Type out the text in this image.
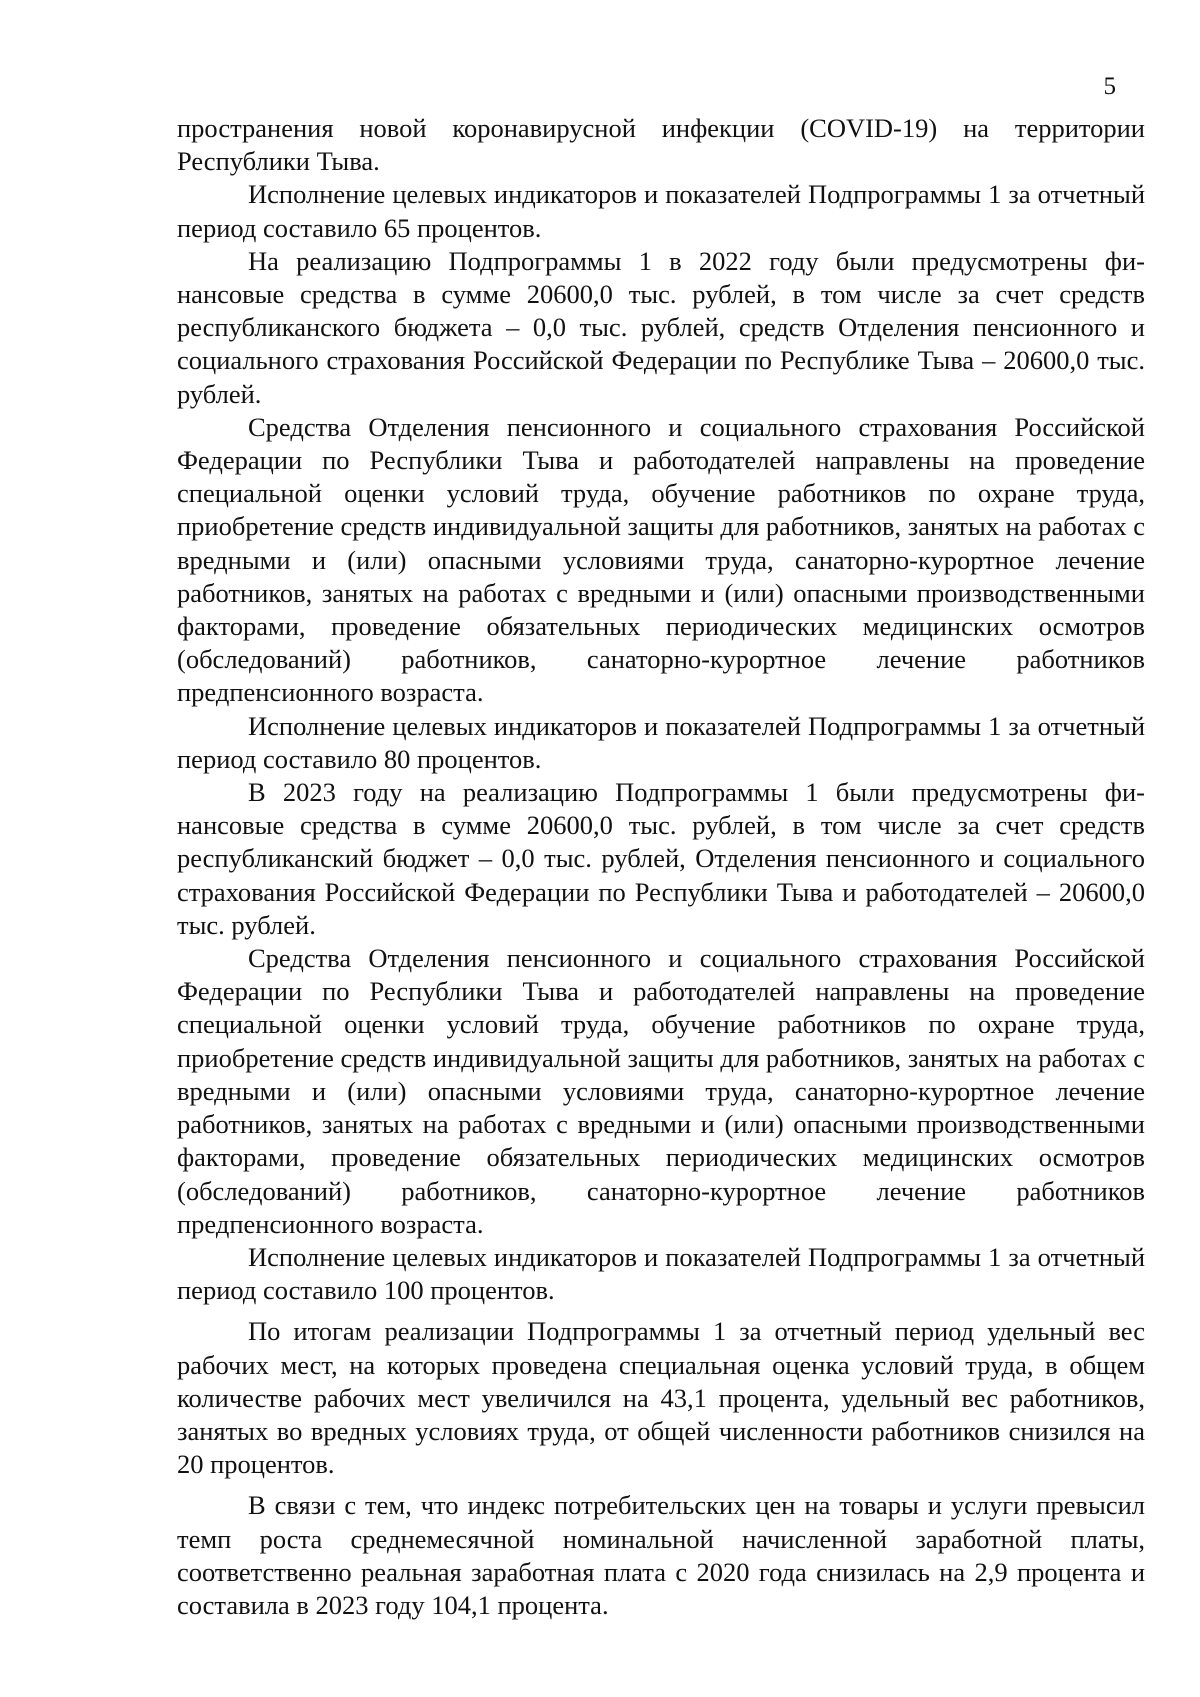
5

пространения новой коронавирусной инфекции (COVID-19) на территории Республики Тыва.

Исполнение целевых индикаторов и показателей Подпрограммы 1 за отчетный период составило 65 процентов.

На реализацию Подпрограммы 1 в 2022 году были предусмотрены финансовые средства в сумме 20600,0 тыс. рублей, в том числе за счет средств республиканского бюджета – 0,0 тыс. рублей, средств Отделения пенсионного и социального страхования Российской Федерации по Республике Тыва – 20600,0 тыс. рублей.

Средства Отделения пенсионного и социального страхования Российской Федерации по Республики Тыва и работодателей направлены на проведение специальной оценки условий труда, обучение работников по охране труда, приобретение средств индивидуальной защиты для работников, занятых на работах с вредными и (или) опасными условиями труда, санаторно-курортное лечение работников, занятых на работах с вредными и (или) опасными производственными факторами, проведение обязательных периодических медицинских осмотров (обследований) работников, санаторно-курортное лечение работников предпенсионного возраста.

Исполнение целевых индикаторов и показателей Подпрограммы 1 за отчетный период составило 80 процентов.

В 2023 году на реализацию Подпрограммы 1 были предусмотрены финансовые средства в сумме 20600,0 тыс. рублей, в том числе за счет средств республиканский бюджет – 0,0 тыс. рублей, Отделения пенсионного и социального страхования Российской Федерации по Республики Тыва и работодателей – 20600,0 тыс. рублей.

Средства Отделения пенсионного и социального страхования Российской Федерации по Республики Тыва и работодателей направлены на проведение специальной оценки условий труда, обучение работников по охране труда, приобретение средств индивидуальной защиты для работников, занятых на работах с вредными и (или) опасными условиями труда, санаторно-курортное лечение работников, занятых на работах с вредными и (или) опасными производственными факторами, проведение обязательных периодических медицинских осмотров (обследований) работников, санаторно-курортное лечение работников предпенсионного возраста.

Исполнение целевых индикаторов и показателей Подпрограммы 1 за отчетный период составило 100 процентов.

По итогам реализации Подпрограммы 1 за отчетный период удельный вес рабочих мест, на которых проведена специальная оценка условий труда, в общем количестве рабочих мест увеличился на 43,1 процента, удельный вес работников, занятых во вредных условиях труда, от общей численности работников снизился на 20 процентов.

В связи с тем, что индекс потребительских цен на товары и услуги превысил темп роста среднемесячной номинальной начисленной заработной платы, соответственно реальная заработная плата с 2020 года снизилась на 2,9 процента и составила в 2023 году 104,1 процента.
